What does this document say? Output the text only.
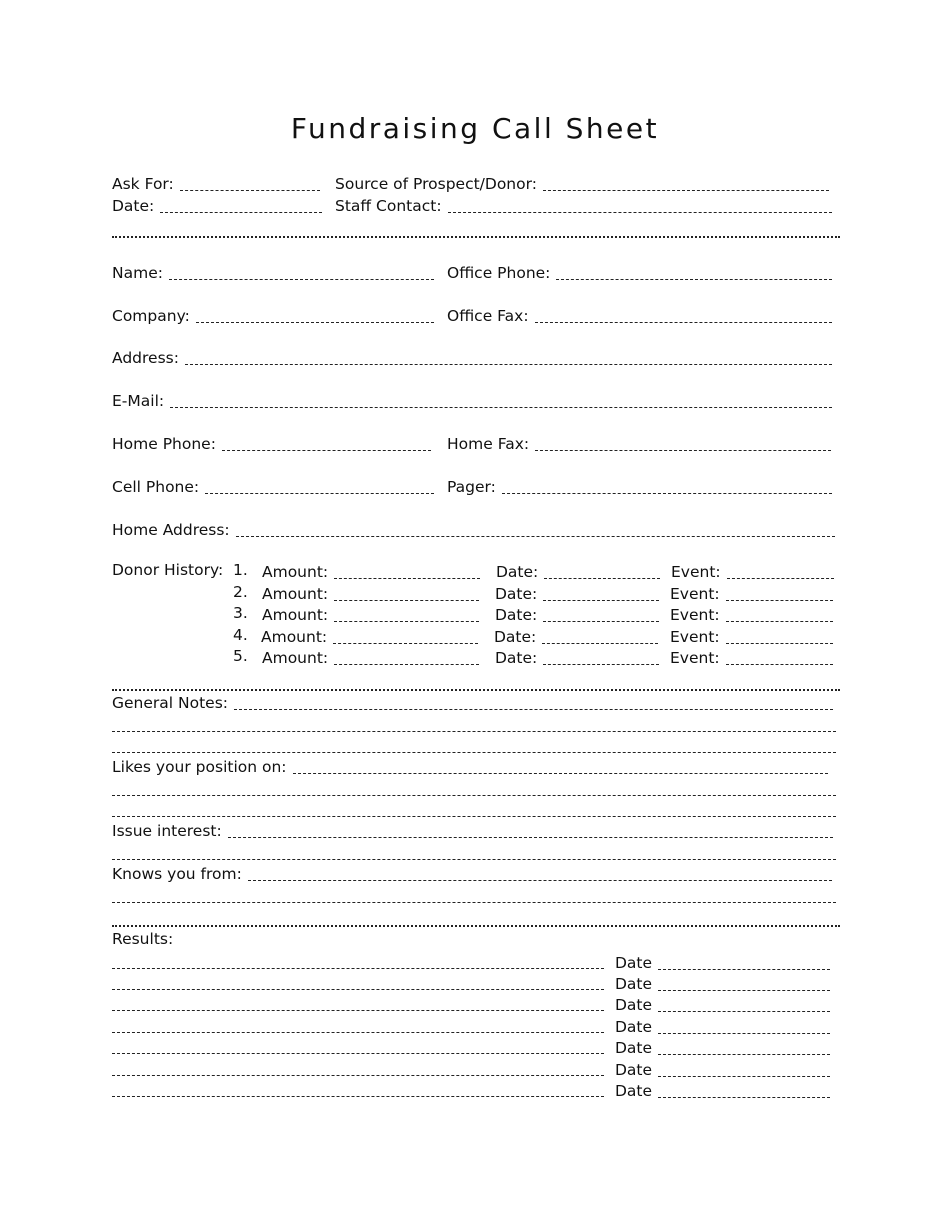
Fundraising Call Sheet
Ask For:	Source of Prospect/Donor:
Date:	Staff Contact:
Name:	Office Phone:
Company:	Office Fax:
Address:
E-Mail:
Home Phone:	Home Fax:
Cell Phone:	Pager:
Home Address:
Donor History: 1. Amount:	Date:	Event:
2. Amount:	Date:	Event:
3. Amount:	Date:	Event:
4. Amount:	Date:	Event:
5. Amount:	Date:	Event:
General Notes:
Likes your position on:
Issue interest:
Knows you from:
Results:
Date
Date
Date
Date
Date
Date
Date
